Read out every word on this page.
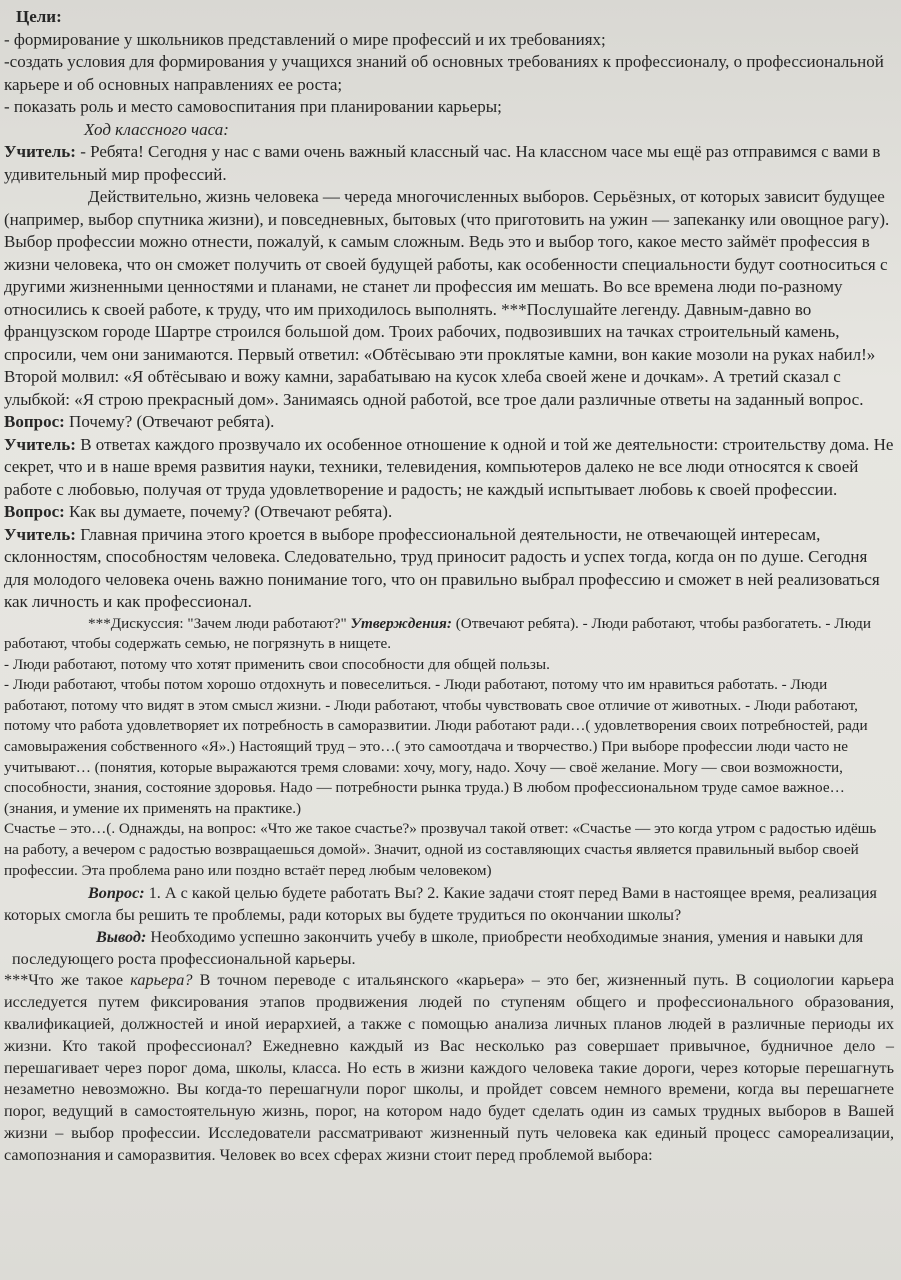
Цели:

- формирование у школьников представлений о мире профессий и их требованиях;

-создать условия для формирования у учащихся знаний об основных требованиях к профессионалу, о профессиональной карьере и об основных направлениях ее роста;

- показать роль и место самовоспитания при планировании карьеры;

Ход классного часа:

Учитель: - Ребята! Сегодня у нас с вами очень важный классный час. На классном часе мы ещё раз отправимся с вами в удивительный мир профессий.

Действительно, жизнь человека — череда многочисленных выборов. Серьёзных, от которых зависит будущее (например, выбор спутника жизни), и повседневных, бытовых (что приготовить на ужин — запеканку или овощное рагу). Выбор профессии можно отнести, пожалуй, к самым сложным. Ведь это и выбор того, какое место займёт профессия в жизни человека, что он сможет получить от своей будущей работы, как особенности специальности будут соотноситься с другими жизненными ценностями и планами, не станет ли профессия им мешать. Во все времена люди по-разному относились к своей работе, к труду, что им приходилось выполнять. ***Послушайте легенду. Давным-давно во французском городе Шартре строился большой дом. Троих рабочих, подвозивших на тачках строительный камень, спросили, чем они занимаются. Первый ответил: «Обтёсываю эти проклятые камни, вон какие мозоли на руках набил!» Второй молвил: «Я обтёсываю и вожу камни, зарабатываю на кусок хлеба своей жене и дочкам». А третий сказал с улыбкой: «Я строю прекрасный дом». Занимаясь одной работой, все трое дали различные ответы на заданный вопрос.

Вопрос: Почему? (Отвечают ребята).

Учитель: В ответах каждого прозвучало их особенное отношение к одной и той же деятельности: строительству дома. Не секрет, что и в наше время развития науки, техники, телевидения, компьютеров далеко не все люди относятся к своей работе с любовью, получая от труда удовлетворение и радость; не каждый испытывает любовь к своей профессии.

Вопрос: Как вы думаете, почему? (Отвечают ребята).

Учитель: Главная причина этого кроется в выборе профессиональной деятельности, не отвечающей интересам, склонностям, способностям человека. Следовательно, труд приносит радость и успех тогда, когда он по душе. Сегодня для молодого человека очень важно понимание того, что он правильно выбрал профессию и сможет в ней реализоваться как личность и как профессионал.

***Дискуссия: "Зачем люди работают?" Утверждения: (Отвечают ребята). - Люди работают, чтобы разбогатеть. - Люди работают, чтобы содержать семью, не погрязнуть в нищете.

- Люди работают, потому что хотят применить свои способности для общей пользы.

- Люди работают, чтобы потом хорошо отдохнуть и повеселиться. - Люди работают, потому что им нравиться работать. - Люди работают, потому что видят в этом смысл жизни. - Люди работают, чтобы чувствовать свое отличие от животных. - Люди работают, потому что работа удовлетворяет их потребность в саморазвитии. Люди работают ради…( удовлетворения своих потребностей, ради самовыражения собственного «Я».) Настоящий труд – это…( это самоотдача и творчество.) При выборе профессии люди часто не учитывают… (понятия, которые выражаются тремя словами: хочу, могу, надо. Хочу — своё желание. Могу — свои возможности, способности, знания, состояние здоровья. Надо — потребности рынка труда.) В любом профессиональном труде самое важное…(знания, и умение их применять на практике.)

Счастье – это…(. Однажды, на вопрос: «Что же такое счастье?» прозвучал такой ответ: «Счастье — это когда утром с радостью идёшь на работу, а вечером с радостью возвращаешься домой». Значит, одной из составляющих счастья является правильный выбор своей профессии. Эта проблема рано или поздно встаёт перед любым человеком)

Вопрос: 1. А с какой целью будете работать Вы? 2. Какие задачи стоят перед Вами в настоящее время, реализация которых смогла бы решить те проблемы, ради которых вы будете трудиться по окончании школы?

Вывод: Необходимо успешно закончить учебу в школе, приобрести необходимые знания, умения и навыки для последующего роста профессиональной карьеры.

***Что же такое карьера? В точном переводе с итальянского «карьера» – это бег, жизненный путь. В социологии карьера исследуется путем фиксирования этапов продвижения людей по ступеням общего и профессионального образования, квалификацией, должностей и иной иерархией, а также с помощью анализа личных планов людей в различные периоды их жизни. Кто такой профессионал? Ежедневно каждый из Вас несколько раз совершает привычное, будничное дело – перешагивает через порог дома, школы, класса. Но есть в жизни каждого человека такие дороги, через которые перешагнуть незаметно невозможно. Вы когда-то перешагнули порог школы, и пройдет совсем немного времени, когда вы перешагнете порог, ведущий в самостоятельную жизнь, порог, на котором надо будет сделать один из самых трудных выборов в Вашей жизни – выбор профессии. Исследователи рассматривают жизненный путь человека как единый процесс самореализации, самопознания и саморазвития. Человек во всех сферах жизни стоит перед проблемой выбора:
